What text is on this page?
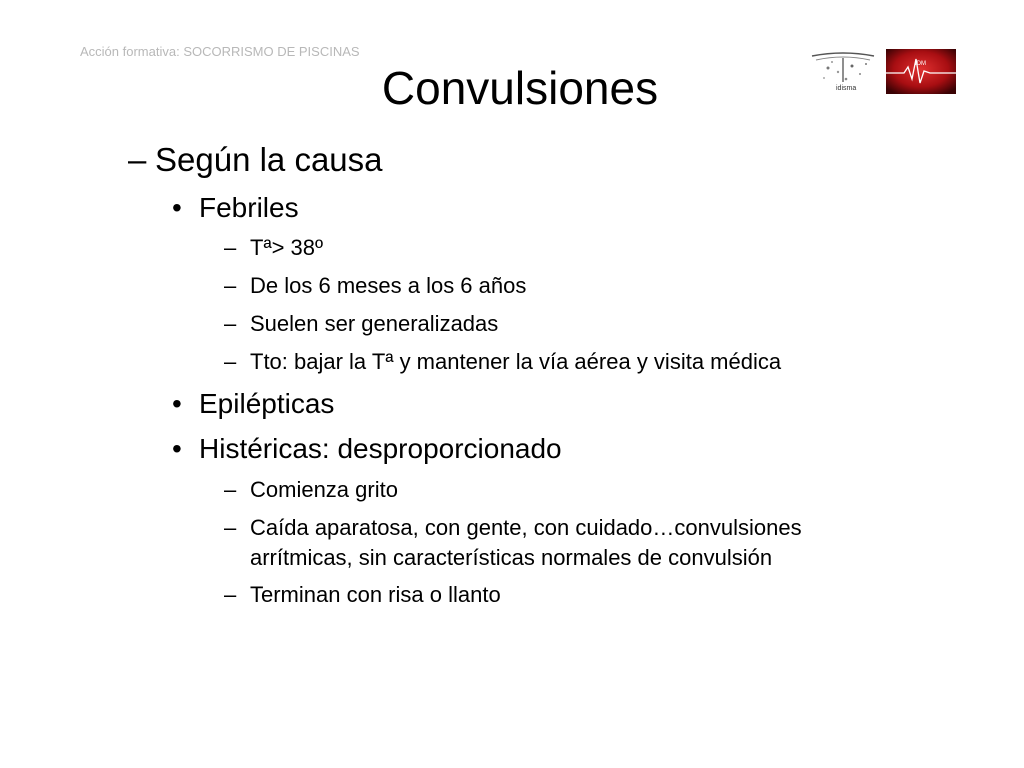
Acción formativa: SOCORRISMO DE PISCINAS
Convulsiones	idisma
IDM
– Según la causa
• Febriles
– Tª> 38º
– De los 6 meses a los 6 años
– Suelen ser generalizadas
– Tto: bajar la Tª y mantener la vía aérea y visita médica
• Epilépticas
• Histéricas: desproporcionado
– Comienza grito
– Caída aparatosa, con gente, con cuidado…convulsiones
arrítmicas, sin características normales de convulsión
– Terminan con risa o llanto
